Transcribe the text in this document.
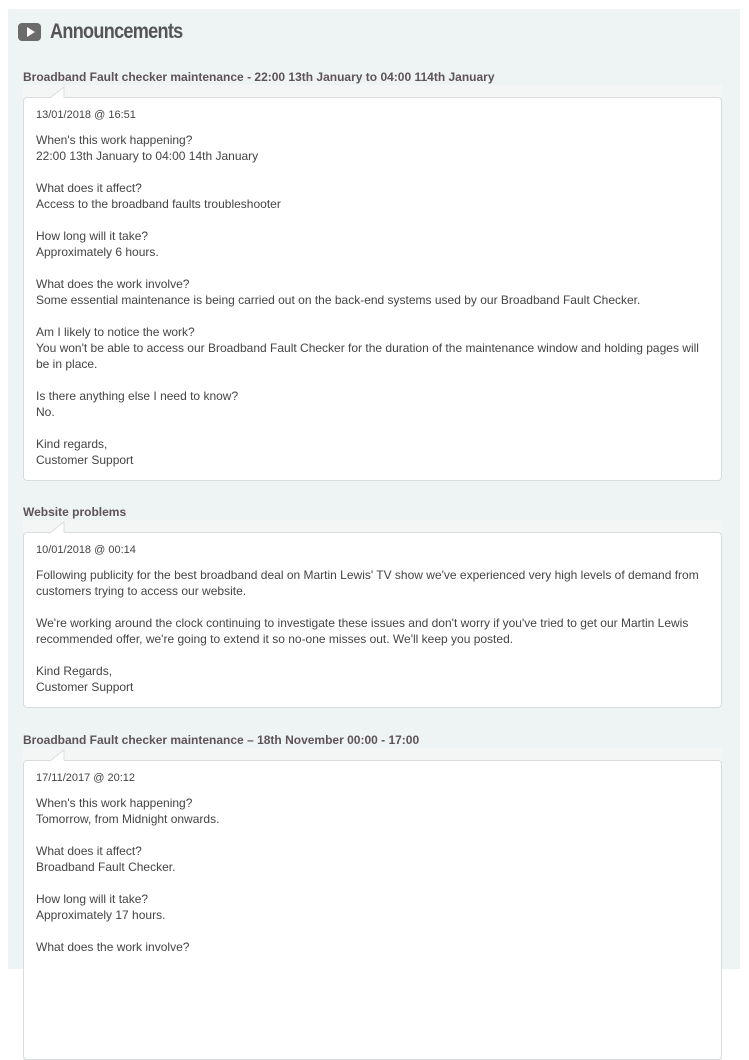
Announcements
Broadband Fault checker maintenance - 22:00 13th January to 04:00 114th January
13/01/2018 @ 16:51
When's this work happening?
22:00 13th January to 04:00 14th January
What does it affect?
Access to the broadband faults troubleshooter
How long will it take?
Approximately 6 hours.
What does the work involve?
Some essential maintenance is being carried out on the back-end systems used by our Broadband Fault Checker.
Am I likely to notice the work?
You won't be able to access our Broadband Fault Checker for the duration of the maintenance window and holding pages will be in place.
Is there anything else I need to know?
No.
Kind regards,
Customer Support
Website problems
10/01/2018 @ 00:14
Following publicity for the best broadband deal on Martin Lewis' TV show we've experienced very high levels of demand from customers trying to access our website.
We're working around the clock continuing to investigate these issues and don't worry if you've tried to get our Martin Lewis recommended offer, we're going to extend it so no-one misses out. We'll keep you posted.
Kind Regards,
Customer Support
Broadband Fault checker maintenance – 18th November 00:00 - 17:00
17/11/2017 @ 20:12
When's this work happening?
Tomorrow, from Midnight onwards.
What does it affect?
Broadband Fault Checker.
How long will it take?
Approximately 17 hours.
What does the work involve?
